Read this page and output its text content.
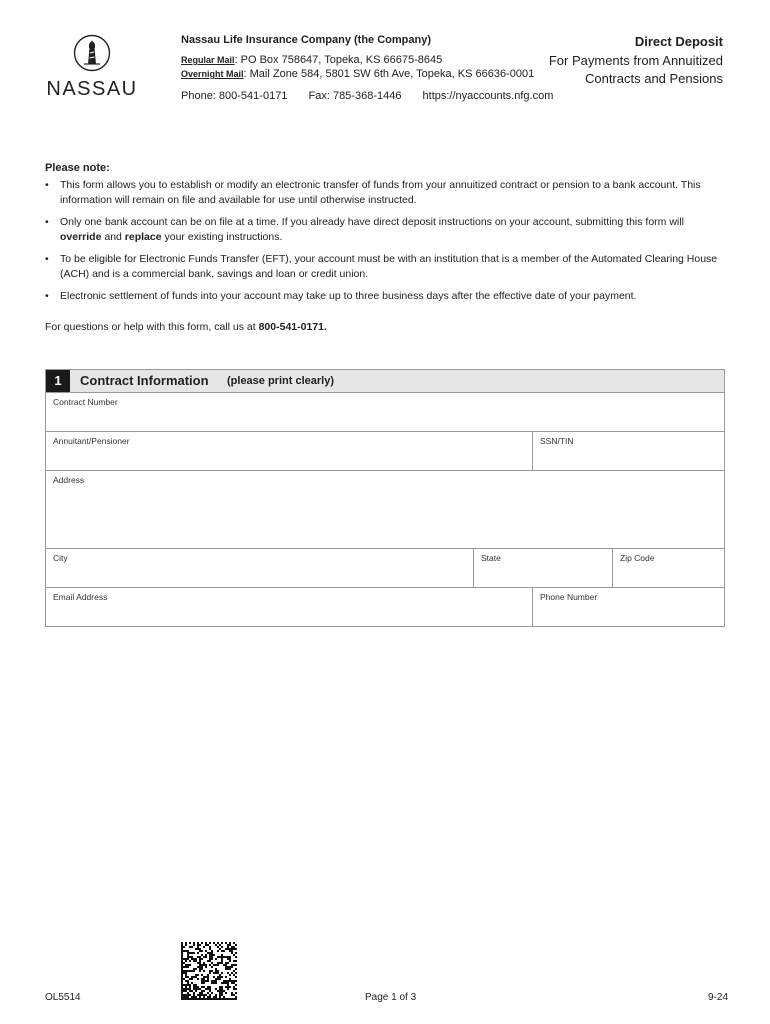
NASSAU
Nassau Life Insurance Company (the Company)
Regular Mail: PO Box 758647, Topeka, KS 66675-8645
Overnight Mail: Mail Zone 584, 5801 SW 6th Ave, Topeka, KS 66636-0001
Phone: 800-541-0171 Fax: 785-368-1446 https://nyaccounts.nfg.com
Direct Deposit
For Payments from Annuitized Contracts and Pensions
Please note:
• This form allows you to establish or modify an electronic transfer of funds from your annuitized contract or pension to a bank account. This information will remain on file and available for use until otherwise instructed.
• Only one bank account can be on file at a time. If you already have direct deposit instructions on your account, submitting this form will override and replace your existing instructions.
• To be eligible for Electronic Funds Transfer (EFT), your account must be with an institution that is a member of the Automated Clearing House (ACH) and is a commercial bank, savings and loan or credit union.
• Electronic settlement of funds into your account may take up to three business days after the effective date of your payment.
For questions or help with this form, call us at 800-541-0171.
1	Contract Information (please print clearly)
Contract Number
Annuitant/Pensioner	SSN/TIN
Address
City	State	Zip Code
Email Address	Phone Number
OL5514	Page 1 of 3	9-24
